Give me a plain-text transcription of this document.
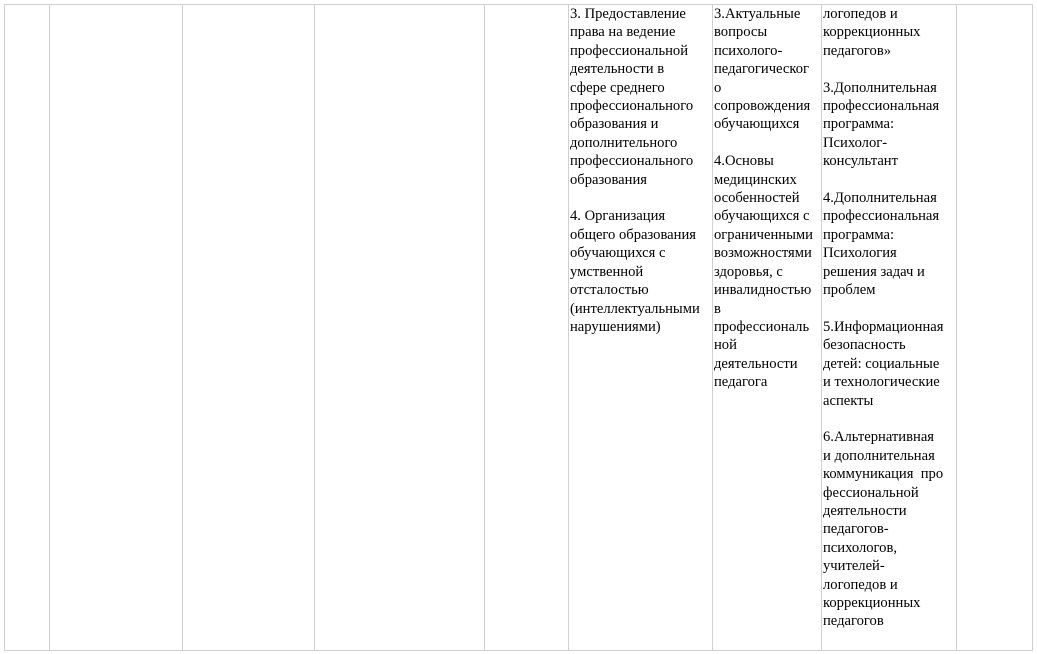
3. Предоставление
права на ведение
профессиональной
деятельности в
сфере среднего
профессионального
образования и
дополнительного
профессионального
образования

4. Организация
общего образования
обучающихся с
умственной
отсталостью
(интеллектуальными
нарушениями)
3.Актуальные
вопросы
психолого-
педагогическог
о
сопровождения
обучающихся

4.Основы
медицинских
особенностей
обучающихся с
ограниченными
возможностями
здоровья, с
инвалидностью
в
профессиональ
ной
деятельности
педагога
логопедов и
коррекционных
педагогов»

3.Дополнительная
профессиональная
программа:
Психолог-
консультант

4.Дополнительная
профессиональная
программа:
Психология
решения задач и
проблем

5.Информационная
безопасность
детей: социальные
и технологические
аспекты

6.Альтернативная
и дополнительная
коммуникация  про
фессиональной
деятельности
педагогов-
психологов,
учителей-
логопедов и
коррекционных
педагогов
